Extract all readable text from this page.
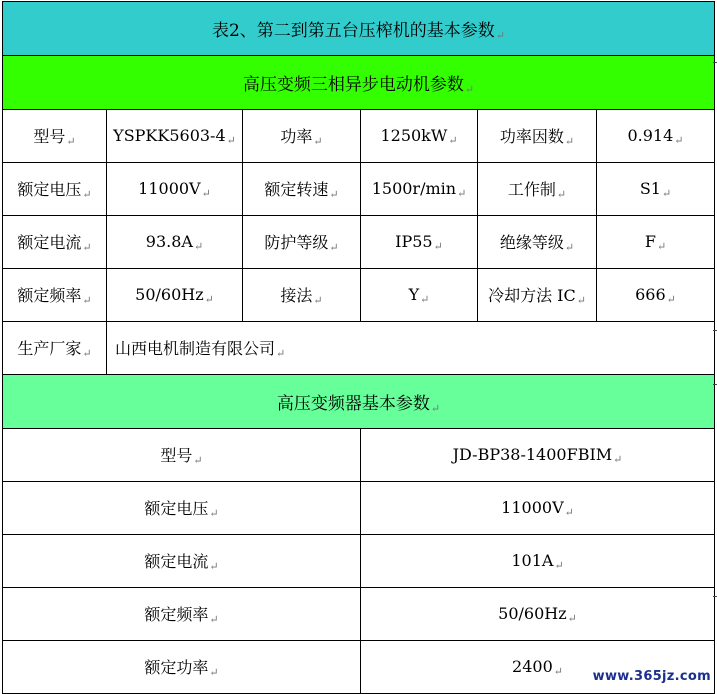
表2、第二到第五台压榨机的基本参数↵					
高压变频三相异步电动机参数↵					
型号↵	YSPKK5603-4↵	功率↵	1250kW↵	功率因数↵	0.914↵
额定电压↵	11000V↵	额定转速↵	1500r/min↵	工作制↵	S1↵
额定电流↵	93.8A↵	防护等级↵	IP55↵	绝缘等级↵	F↵
额定频率↵	50/60Hz↵	接法↵	Y↵	冷却方法 IC↵	666↵
生产厂家↵	山西电机制造有限公司↵				
高压变频器基本参数↵					
型号↵			JD-BP38-1400FBIM↵		
额定电压↵			11000V↵		
额定电流↵			101A↵		
额定频率↵			50/60Hz↵		
额定功率↵			2400↵		www.365jz.com
